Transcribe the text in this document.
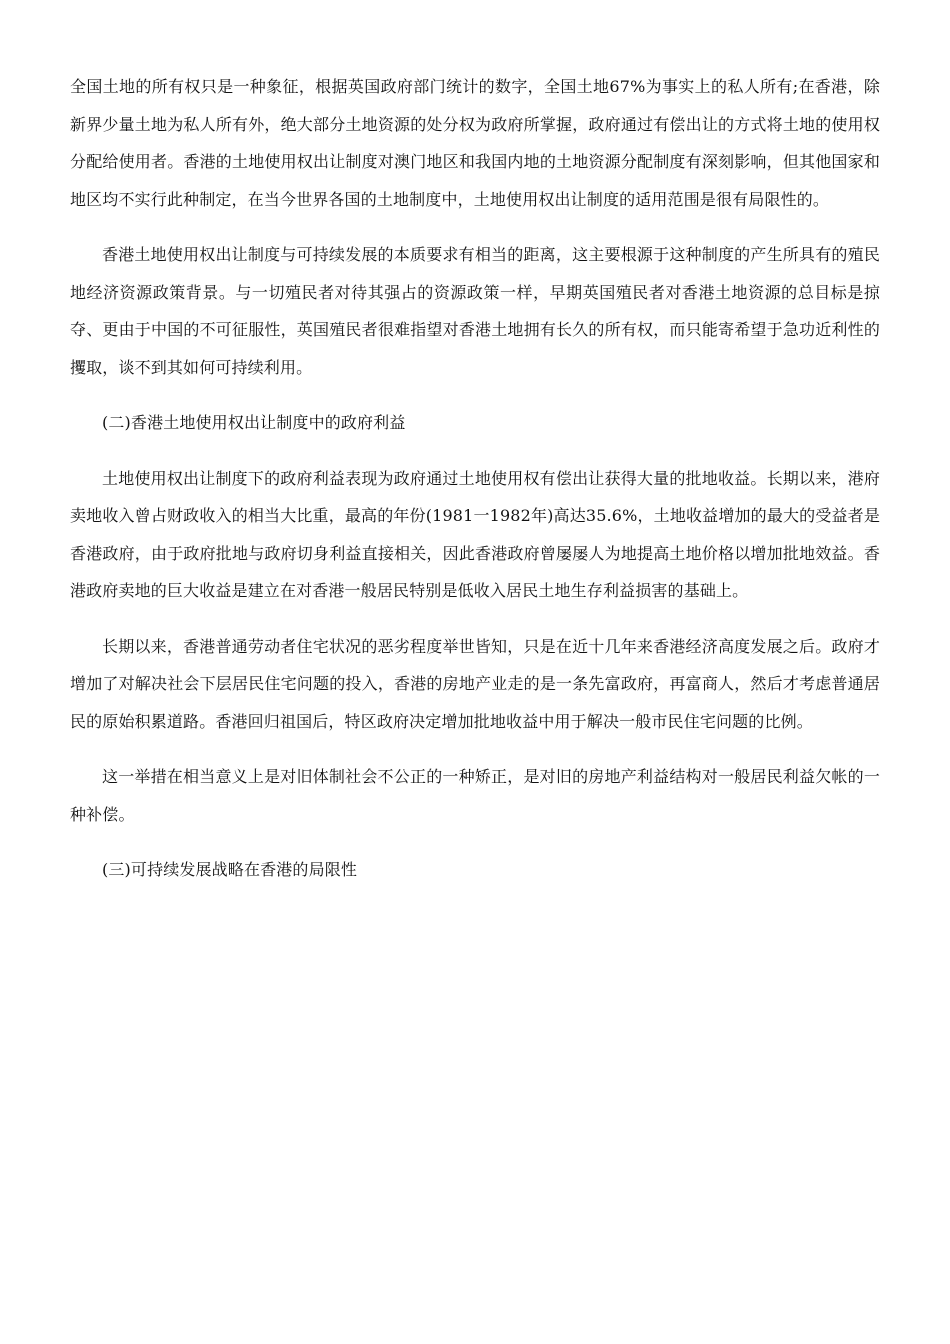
全国土地的所有权只是一种象征，根据英国政府部门统计的数字，全国土地67%为事实上的私人所有;在香港，除新界少量土地为私人所有外，绝大部分土地资源的处分权为政府所掌握，政府通过有偿出让的方式将土地的使用权分配给使用者。香港的土地使用权出让制度对澳门地区和我国内地的土地资源分配制度有深刻影响，但其他国家和地区均不实行此种制定，在当今世界各国的土地制度中，土地使用权出让制度的适用范围是很有局限性的。

香港土地使用权出让制度与可持续发展的本质要求有相当的距离，这主要根源于这种制度的产生所具有的殖民地经济资源政策背景。与一切殖民者对待其强占的资源政策一样，早期英国殖民者对香港土地资源的总目标是掠夺、更由于中国的不可征服性，英国殖民者很难指望对香港土地拥有长久的所有权，而只能寄希望于急功近利性的攫取，谈不到其如何可持续利用。

(二)香港土地使用权出让制度中的政府利益

土地使用权出让制度下的政府利益表现为政府通过土地使用权有偿出让获得大量的批地收益。长期以来，港府卖地收入曾占财政收入的相当大比重，最高的年份(1981一1982年)高达35.6%，土地收益增加的最大的受益者是香港政府，由于政府批地与政府切身利益直接相关，因此香港政府曾屡屡人为地提高土地价格以增加批地效益。香港政府卖地的巨大收益是建立在对香港一般居民特别是低收入居民土地生存利益损害的基础上。

长期以来，香港普通劳动者住宅状况的恶劣程度举世皆知，只是在近十几年来香港经济高度发展之后。政府才增加了对解决社会下层居民住宅问题的投入，香港的房地产业走的是一条先富政府，再富商人，然后才考虑普通居民的原始积累道路。香港回归祖国后，特区政府决定增加批地收益中用于解决一般市民住宅问题的比例。

这一举措在相当意义上是对旧体制社会不公正的一种矫正，是对旧的房地产利益结构对一般居民利益欠帐的一种补偿。

(三)可持续发展战略在香港的局限性
